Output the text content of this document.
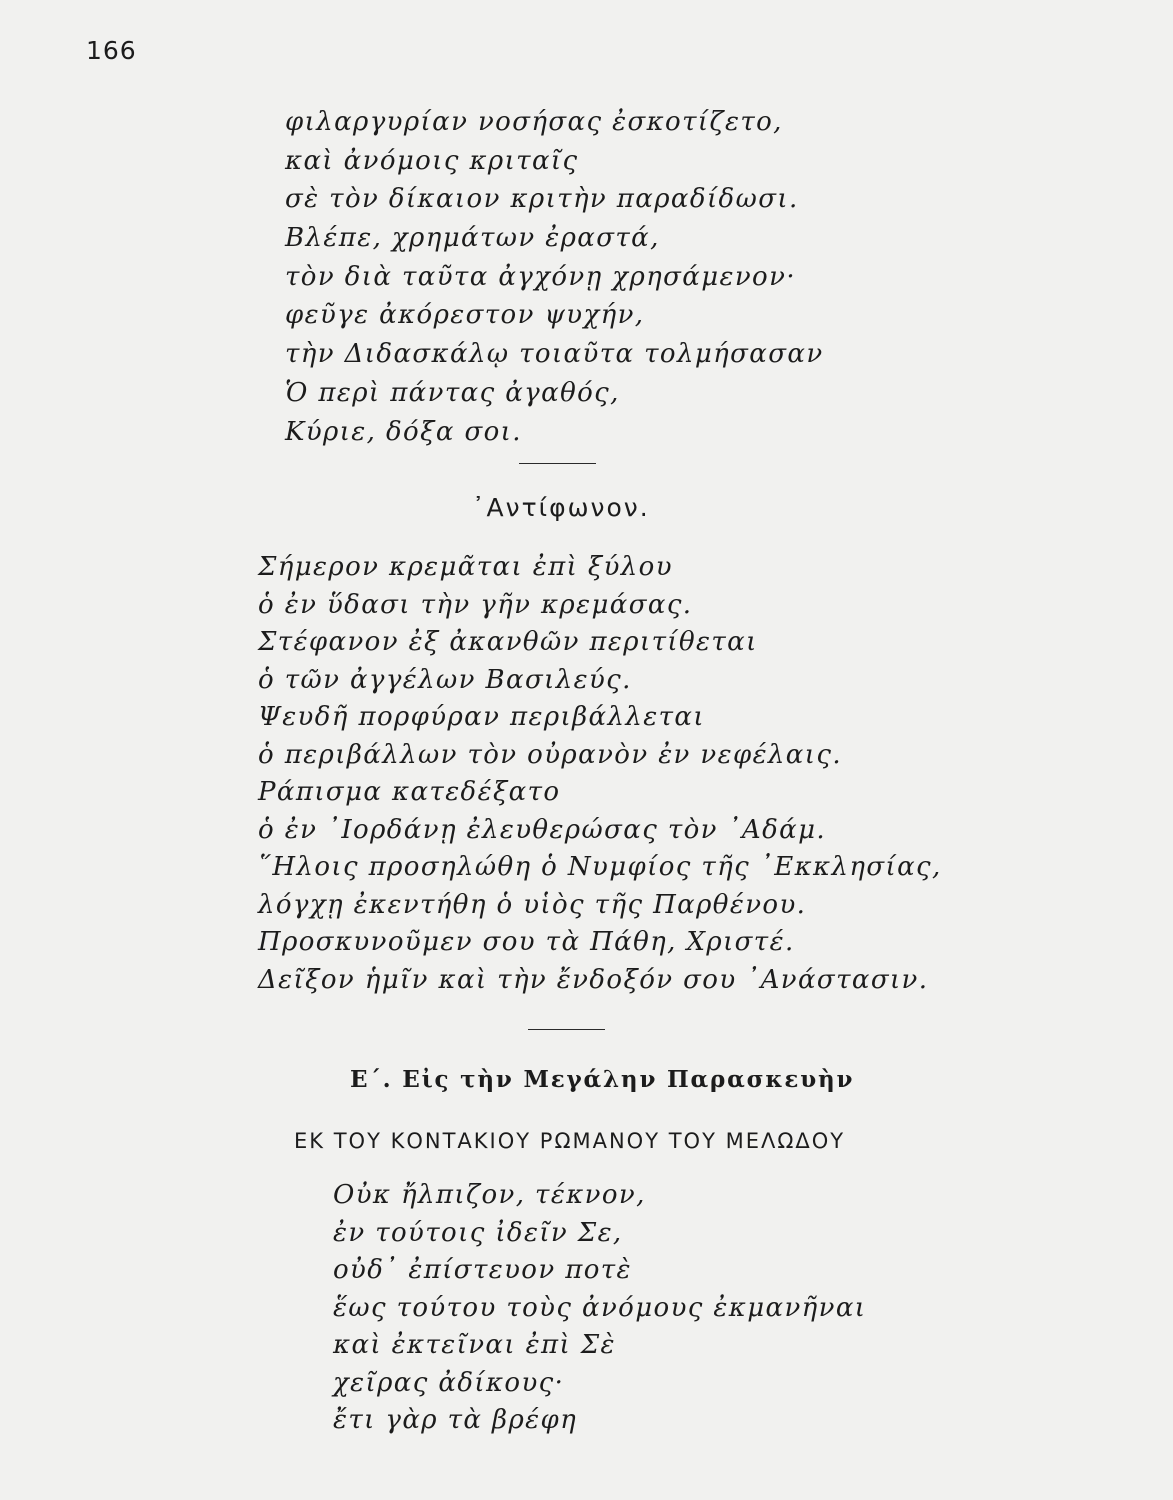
166
φιλαργυρίαν νοσήσας ἐσκοτίζετο,
καὶ ἀνόμοις κριταῖς
σὲ τὸν δίκαιον κριτὴν παραδίδωσι.
Βλέπε, χρημάτων ἐραστά,
τὸν διὰ ταῦτα ἀγχόνῃ χρησάμενον·
φεῦγε ἀκόρεστον ψυχήν,
τὴν Διδασκάλῳ τοιαῦτα τολμήσασαν
Ὁ περὶ πάντας ἀγαθός,
Κύριε, δόξα σοι.
᾿Αντίφωνον.
Σήμερον κρεμᾶται ἐπὶ ξύλου
ὁ ἐν ὕδασι τὴν γῆν κρεμάσας.
Στέφανον ἐξ ἀκανθῶν περιτίθεται
ὁ τῶν ἀγγέλων Βασιλεύς.
Ψευδῆ πορφύραν περιβάλλεται
ὁ περιβάλλων τὸν οὐρανὸν ἐν νεφέλαις.
Ράπισμα κατεδέξατο
ὁ ἐν ᾿Ιορδάνῃ ἐλευθερώσας τὸν ᾿Αδάμ.
῞Ηλοις προσηλώθη ὁ Νυμφίος τῆς ᾿Εκκλησίας,
λόγχῃ ἐκεντήθη ὁ υἱὸς τῆς Παρθένου.
Προσκυνοῦμεν σου τὰ Πάθη, Χριστέ.
Δεῖξον ἡμῖν καὶ τὴν ἔνδοξόν σου ᾿Ανάστασιν.
Ε΄. Εἰς τὴν Μεγάλην Παρασκευὴν
ΕΚ ΤΟΥ ΚΟΝΤΑΚΙΟΥ ΡΩΜΑΝΟΥ ΤΟΥ ΜΕΛΩΔΟΥ
Οὐκ ἤλπιζον, τέκνον,
ἐν τούτοις ἰδεῖν Σε,
οὐδ᾿ ἐπίστευον ποτὲ
ἕως τούτου τοὺς ἀνόμους ἐκμανῆναι
καὶ ἐκτεῖναι ἐπὶ Σὲ
χεῖρας ἀδίκους·
ἔτι γὰρ τὰ βρέφη
